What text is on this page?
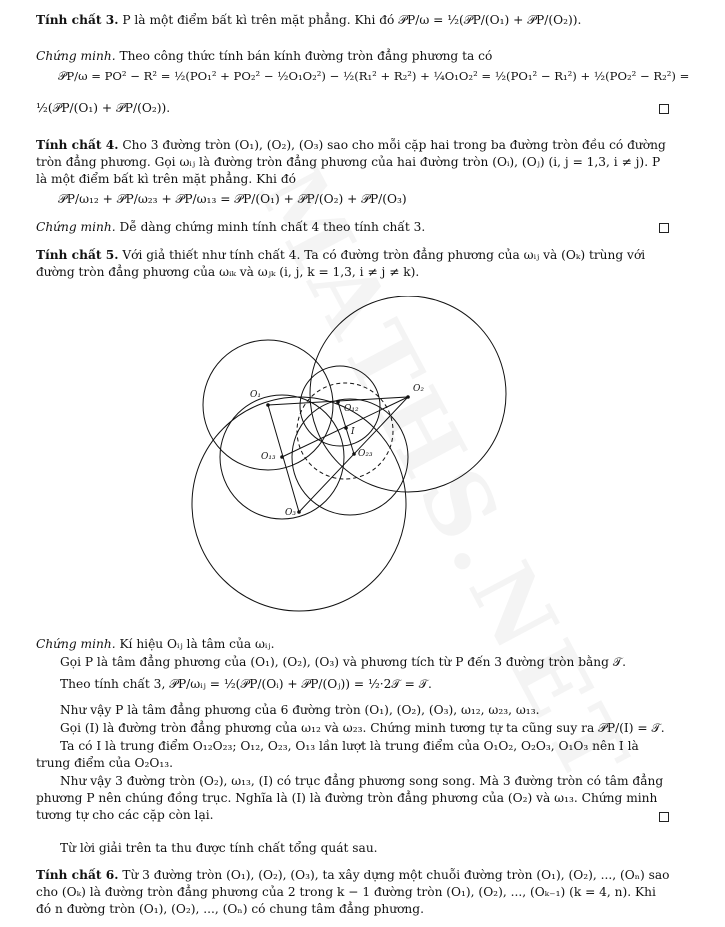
Tính chất 3. P là một điểm bất kì trên mặt phẳng. Khi đó 𝒫P/ω = ½(𝒫P/(O₁) + 𝒫P/(O₂)).
Chứng minh. Theo công thức tính bán kính đường tròn đẳng phương ta có
𝒫P/ω = PO² − R² = ½(PO₁² + PO₂² − ½O₁O₂²) − ½(R₁² + R₂²) + ¼O₁O₂² = ½(PO₁² − R₁²) + ½(PO₂² − R₂²) =
½(𝒫P/(O₁) + 𝒫P/(O₂)).
Tính chất 4. Cho 3 đường tròn (O₁), (O₂), (O₃) sao cho mỗi cặp hai trong ba đường tròn đều có đường tròn đẳng phương. Gọi ωᵢⱼ là đường tròn đẳng phương của hai đường tròn (Oᵢ), (Oⱼ) (i, j = 1,3, i ≠ j). P là một điểm bất kì trên mặt phẳng. Khi đó
𝒫P/ω₁₂ + 𝒫P/ω₂₃ + 𝒫P/ω₁₃ = 𝒫P/(O₁) + 𝒫P/(O₂) + 𝒫P/(O₃)
Chứng minh. Dễ dàng chứng minh tính chất 4 theo tính chất 3.
Tính chất 5. Với giả thiết như tính chất 4. Ta có đường tròn đẳng phương của ωᵢⱼ và (Oₖ) trùng với đường tròn đẳng phương của ωᵢₖ và ωⱼₖ (i, j, k = 1,3, i ≠ j ≠ k).
O₁
O₂
O₃
O₁₂
O₁₃	O₂₃
I
Chứng minh. Kí hiệu Oᵢⱼ là tâm của ωᵢⱼ.
Gọi P là tâm đẳng phương của (O₁), (O₂), (O₃) và phương tích từ P đến 3 đường tròn bằng 𝒯.
Theo tính chất 3, 𝒫P/ωᵢⱼ = ½(𝒫P/(Oᵢ) + 𝒫P/(Oⱼ)) = ½·2𝒯 = 𝒯.
Như vậy P là tâm đẳng phương của 6 đường tròn (O₁), (O₂), (O₃), ω₁₂, ω₂₃, ω₁₃.
Gọi (I) là đường tròn đẳng phương của ω₁₂ và ω₂₃. Chứng minh tương tự ta cũng suy ra 𝒫P/(I) = 𝒯.
Ta có I là trung điểm O₁₂O₂₃; O₁₂, O₂₃, O₁₃ lần lượt là trung điểm của O₁O₂, O₂O₃, O₁O₃ nên I là trung điểm của O₂O₁₃.
Như vậy 3 đường tròn (O₂), ω₁₃, (I) có trục đẳng phương song song. Mà 3 đường tròn có tâm đẳng phương P nên chúng đồng trục. Nghĩa là (I) là đường tròn đẳng phương của (O₂) và ω₁₃. Chứng minh tương tự cho các cặp còn lại.
Từ lời giải trên ta thu được tính chất tổng quát sau.
Tính chất 6. Từ 3 đường tròn (O₁), (O₂), (O₃), ta xây dựng một chuỗi đường tròn (O₁), (O₂), ..., (Oₙ) sao cho (Oₖ) là đường tròn đẳng phương của 2 trong k − 1 đường tròn (O₁), (O₂), ..., (Oₖ₋₁) (k = 4, n). Khi đó n đường tròn (O₁), (O₂), ..., (Oₙ) có chung tâm đẳng phương.
